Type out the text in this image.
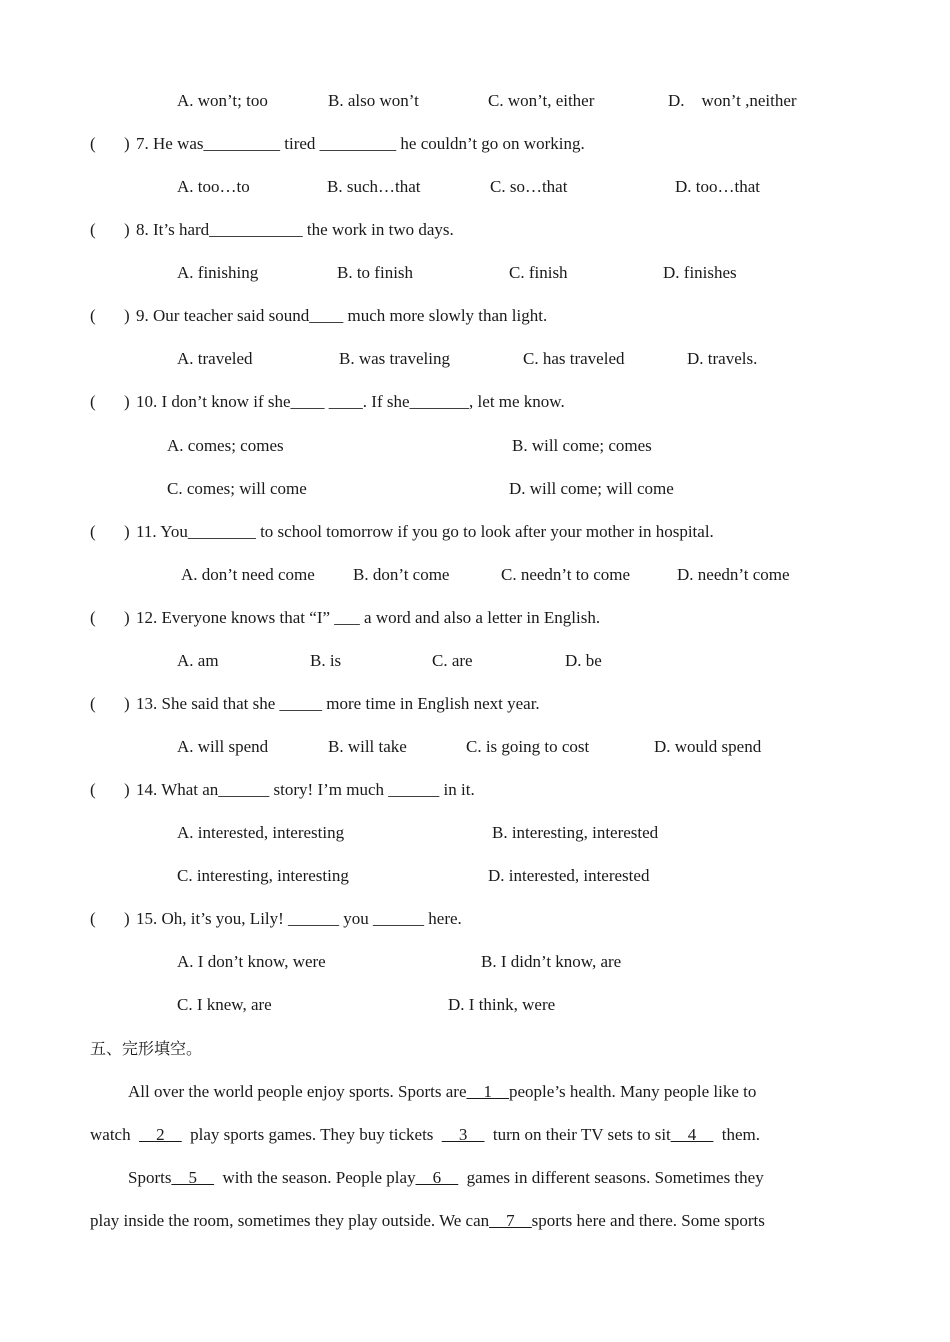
A. won’t; too	B. also won’t	C. won’t, either	D.    won’t ,neither
( ) 7. He was_________ tired _________ he couldn’t go on working.
A. too…to	B. such…that	C. so…that	D. too…that
( ) 8. It’s hard___________ the work in two days.
A. finishing	B. to finish	C. finish	D. finishes
( ) 9. Our teacher said sound____ much more slowly than light.
A. traveled	B. was traveling	C. has traveled	D. travels.
( ) 10. I don’t know if she____ ____. If she_______, let me know.
A. comes; comes	B. will come; comes
C. comes; will come	D. will come; will come
( ) 11. You________ to school tomorrow if you go to look after your mother in hospital.
A. don’t need come B. don’t come	C. needn’t to come	D. needn’t come
( ) 12. Everyone knows that “I” ___ a word and also a letter in English.
A. am	B. is	C. are	D. be
( ) 13. She said that she _____ more time in English next year.
A. will spend	B. will take	C. is going to cost	D. would spend
( ) 14. What an______ story! I’m much ______ in it.
A. interested, interesting	B. interesting, interested
C. interesting, interesting	D. interested, interested
( ) 15. Oh, it’s you, Lily! ______ you ______ here.
A. I don’t know, were	B. I didn’t know, are
C. I knew, are	D. I think, were
五、完形填空。
All over the world people enjoy sports. Sports are__1__people’s health. Many people like to
watch __2__ play sports games. They buy tickets __3__ turn on their TV sets to sit__4__ them.
Sports__5__ with the season. People play__6__ games in different seasons. Sometimes they
play inside the room, sometimes they play outside. We can__7__sports here and there. Some sports
